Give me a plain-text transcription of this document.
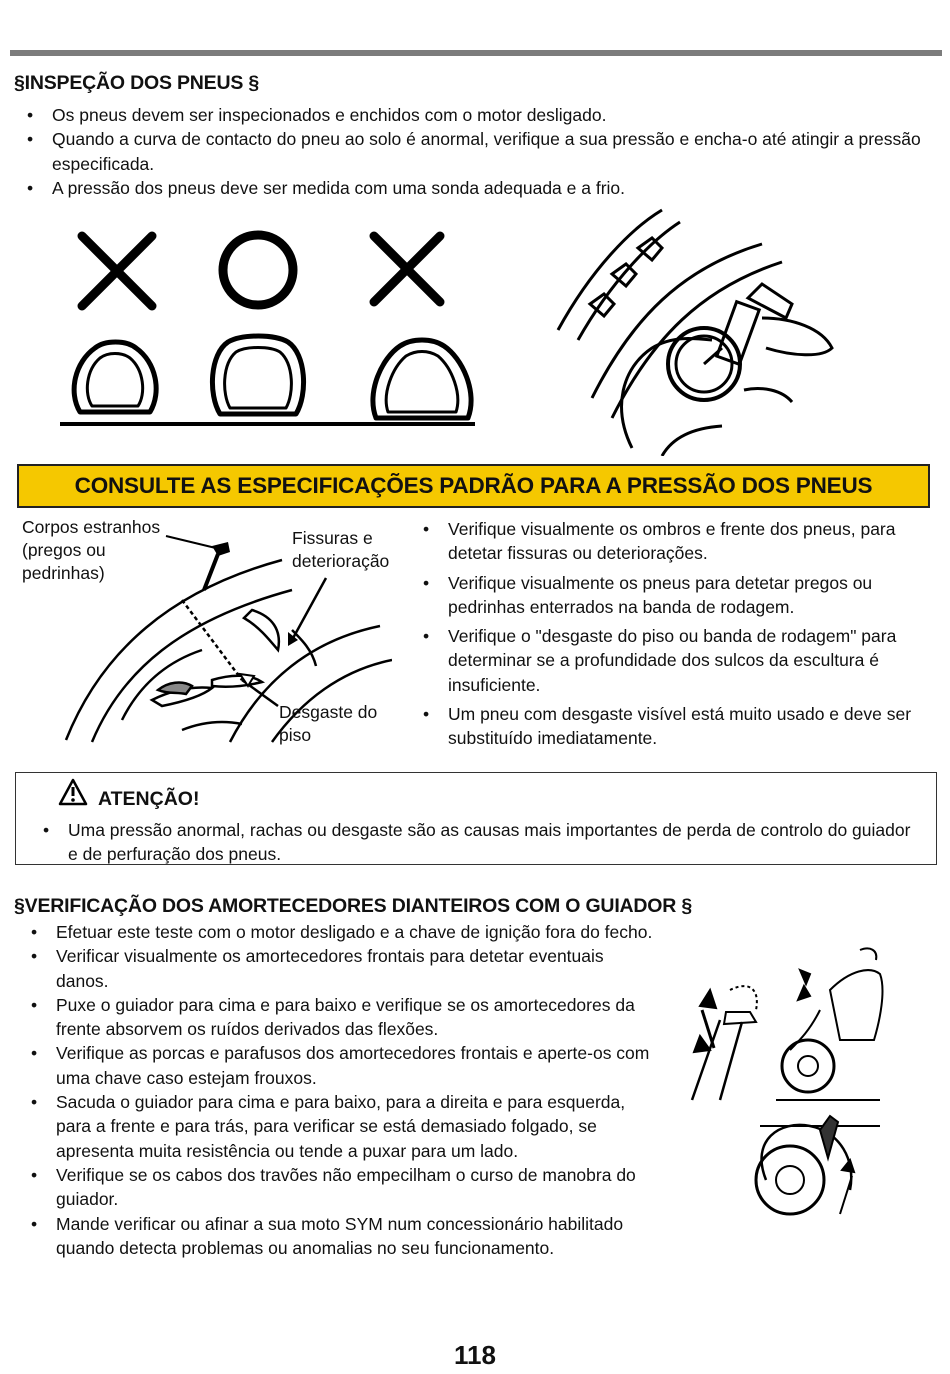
§INSPEÇÃO DOS PNEUS §
• Os pneus devem ser inspecionados e enchidos com o motor desligado.
• Quando a curva de contacto do pneu ao solo é anormal, verifique a sua pressão e encha-o até atingir a pressão especificada.
• A pressão dos pneus deve ser medida com uma sonda adequada e a frio.
CONSULTE AS ESPECIFICAÇÕES PADRÃO PARA A PRESSÃO DOS PNEUS
Corpos estranhos (pregos ou pedrinhas)
Fissuras e deterioração
Desgaste do piso
• Verifique visualmente os ombros e frente dos pneus, para detetar fissuras ou deteriorações.
• Verifique visualmente os pneus para detetar pregos ou pedrinhas enterrados na banda de rodagem.
• Verifique o "desgaste do piso ou banda de rodagem" para determinar se a profundidade dos sulcos da escultura é insuficiente.
• Um pneu com desgaste visível está muito usado e deve ser substituído imediatamente.
ATENÇÃO!
• Uma pressão anormal, rachas ou desgaste são as causas mais importantes de perda de controlo do guiador e de perfuração dos pneus.
§VERIFICAÇÃO DOS AMORTECEDORES DIANTEIROS COM O GUIADOR §
• Efetuar este teste com o motor desligado e a chave de ignição fora do fecho.
• Verificar visualmente os amortecedores frontais para detetar eventuais danos.
• Puxe o guiador para cima e para baixo e verifique se os amortecedores da frente absorvem os ruídos derivados das flexões.
• Verifique as porcas e parafusos dos amortecedores frontais e aperte-os com uma chave caso estejam frouxos.
• Sacuda o guiador para cima e para baixo, para a direita e para esquerda, para a frente e para trás, para verificar se está demasiado folgado, se apresenta muita resistência ou tende a puxar para um lado.
• Verifique se os cabos dos travões não empecilham o curso de manobra do guiador.
• Mande verificar ou afinar a sua moto SYM num concessionário habilitado quando detecta problemas ou anomalias no seu funcionamento.
118
